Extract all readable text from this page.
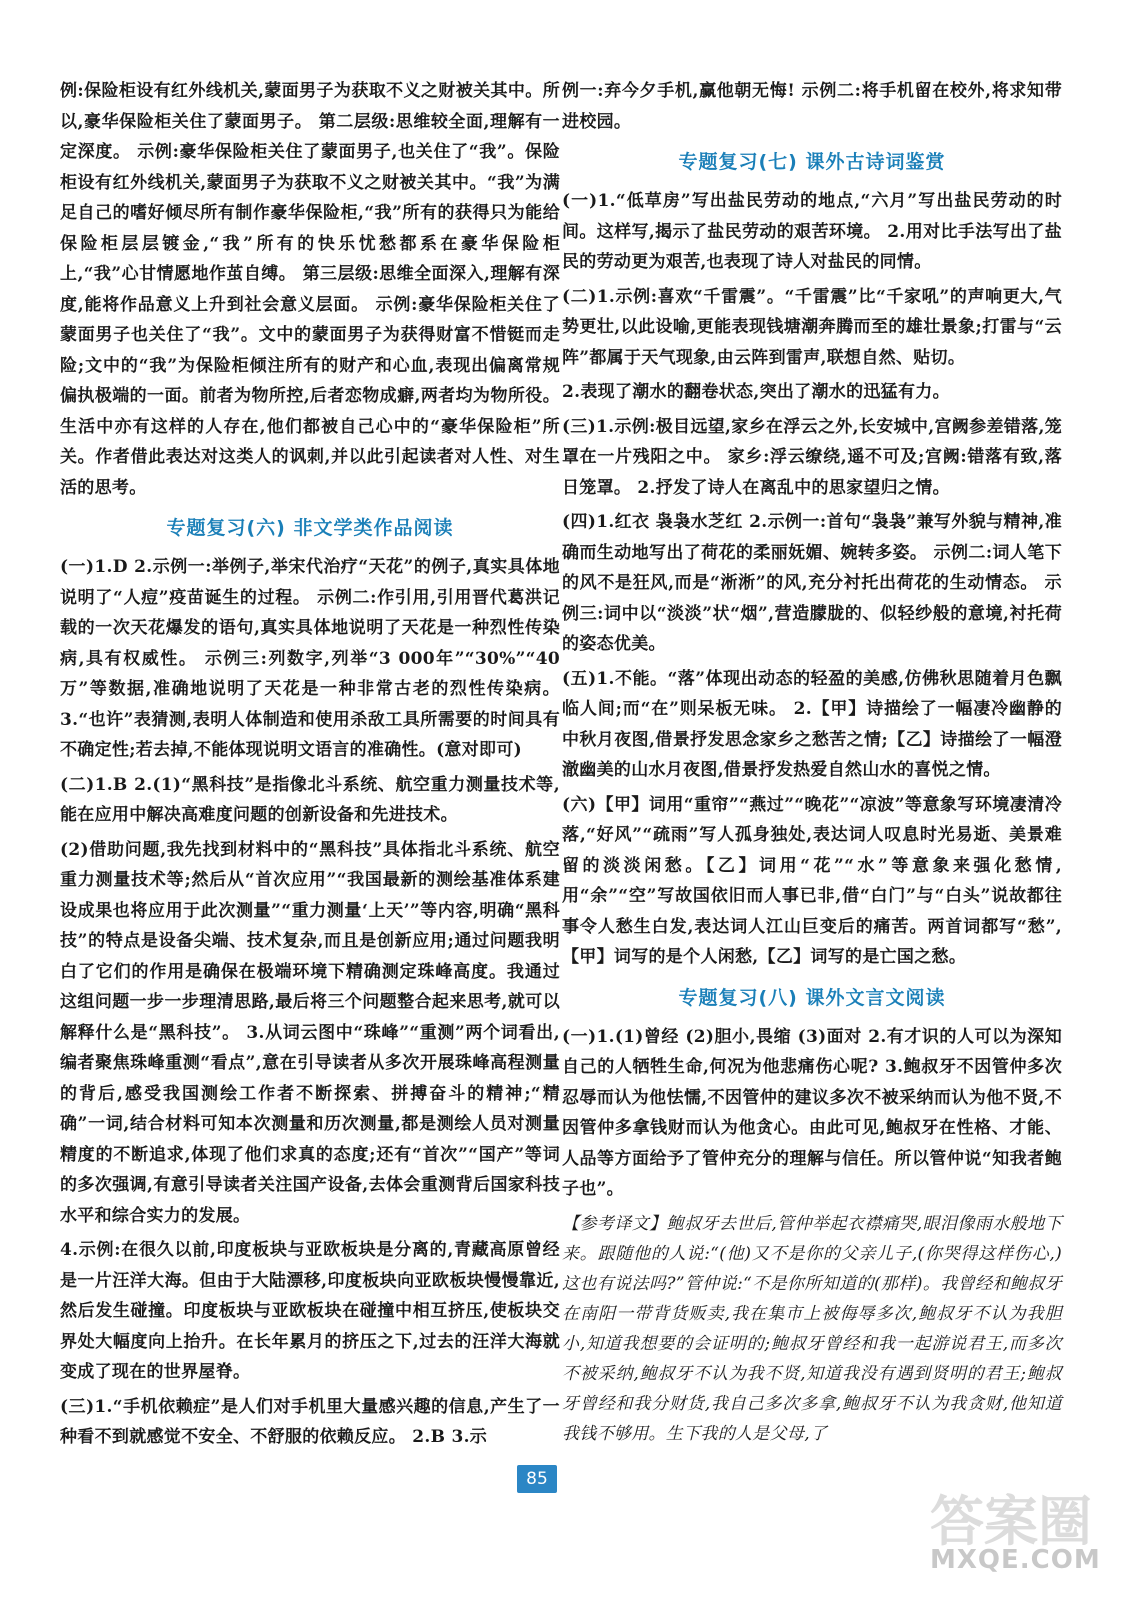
例:保险柜设有红外线机关,蒙面男子为获取不义之财被关其中。所以,豪华保险柜关住了蒙面男子。 第二层级:思维较全面,理解有一定深度。 示例:豪华保险柜关住了蒙面男子,也关住了“我”。保险柜设有红外线机关,蒙面男子为获取不义之财被关其中。“我”为满足自己的嗜好倾尽所有制作豪华保险柜,“我”所有的获得只为能给保险柜层层镀金,“我”所有的快乐忧愁都系在豪华保险柜上,“我”心甘情愿地作茧自缚。 第三层级:思维全面深入,理解有深度,能将作品意义上升到社会意义层面。 示例:豪华保险柜关住了蒙面男子也关住了“我”。文中的蒙面男子为获得财富不惜铤而走险;文中的“我”为保险柜倾注所有的财产和心血,表现出偏离常规偏执极端的一面。前者为物所控,后者恋物成癖,两者均为物所役。生活中亦有这样的人存在,他们都被自己心中的“豪华保险柜”所关。作者借此表达对这类人的讽刺,并以此引起读者对人性、对生活的思考。

专题复习(六) 非文学类作品阅读

(一)1.D 2.示例一:举例子,举宋代治疗“天花”的例子,真实具体地说明了“人痘”疫苗诞生的过程。 示例二:作引用,引用晋代葛洪记载的一次天花爆发的语句,真实具体地说明了天花是一种烈性传染病,具有权威性。 示例三:列数字,列举“3 000年”“30%”“40万”等数据,准确地说明了天花是一种非常古老的烈性传染病。 3.“也许”表猜测,表明人体制造和使用杀敌工具所需要的时间具有不确定性;若去掉,不能体现说明文语言的准确性。(意对即可)

(二)1.B 2.(1)“黑科技”是指像北斗系统、航空重力测量技术等,能在应用中解决高难度问题的创新设备和先进技术。

(2)借助问题,我先找到材料中的“黑科技”具体指北斗系统、航空重力测量技术等;然后从“首次应用”“我国最新的测绘基准体系建设成果也将应用于此次测量”“重力测量‘上天’”等内容,明确“黑科技”的特点是设备尖端、技术复杂,而且是创新应用;通过问题我明白了它们的作用是确保在极端环境下精确测定珠峰高度。我通过这组问题一步一步理清思路,最后将三个问题整合起来思考,就可以解释什么是“黑科技”。 3.从词云图中“珠峰”“重测”两个词看出,编者聚焦珠峰重测“看点”,意在引导读者从多次开展珠峰高程测量的背后,感受我国测绘工作者不断探索、拼搏奋斗的精神;“精确”一词,结合材料可知本次测量和历次测量,都是测绘人员对测量精度的不断追求,体现了他们求真的态度;还有“首次”“国产”等词的多次强调,有意引导读者关注国产设备,去体会重测背后国家科技水平和综合实力的发展。

4.示例:在很久以前,印度板块与亚欧板块是分离的,青藏高原曾经是一片汪洋大海。但由于大陆漂移,印度板块向亚欧板块慢慢靠近,然后发生碰撞。印度板块与亚欧板块在碰撞中相互挤压,使板块交界处大幅度向上抬升。在长年累月的挤压之下,过去的汪洋大海就变成了现在的世界屋脊。

(三)1.“手机依赖症”是人们对手机里大量感兴趣的信息,产生了一种看不到就感觉不安全、不舒服的依赖反应。 2.B 3.示

例一:弃今夕手机,赢他朝无悔! 示例二:将手机留在校外,将求知带进校园。

专题复习(七) 课外古诗词鉴赏

(一)1.“低草房”写出盐民劳动的地点,“六月”写出盐民劳动的时间。这样写,揭示了盐民劳动的艰苦环境。 2.用对比手法写出了盐民的劳动更为艰苦,也表现了诗人对盐民的同情。

(二)1.示例:喜欢“千雷震”。“千雷震”比“千家吼”的声响更大,气势更壮,以此设喻,更能表现钱塘潮奔腾而至的雄壮景象;打雷与“云阵”都属于天气现象,由云阵到雷声,联想自然、贴切。

2.表现了潮水的翻卷状态,突出了潮水的迅猛有力。

(三)1.示例:极目远望,家乡在浮云之外,长安城中,宫阙参差错落,笼罩在一片残阳之中。 家乡:浮云缭绕,遥不可及;宫阙:错落有致,落日笼罩。 2.抒发了诗人在离乱中的思家望归之情。

(四)1.红衣 袅袅水芝红 2.示例一:首句“袅袅”兼写外貌与精神,准确而生动地写出了荷花的柔丽妩媚、婉转多姿。 示例二:词人笔下的风不是狂风,而是“淅淅”的风,充分衬托出荷花的生动情态。 示例三:词中以“淡淡”状“烟”,营造朦胧的、似轻纱般的意境,衬托荷的姿态优美。

(五)1.不能。“落”体现出动态的轻盈的美感,仿佛秋思随着月色飘临人间;而“在”则呆板无味。 2.【甲】诗描绘了一幅凄冷幽静的中秋月夜图,借景抒发思念家乡之愁苦之情;【乙】诗描绘了一幅澄澈幽美的山水月夜图,借景抒发热爱自然山水的喜悦之情。

(六)【甲】词用“重帘”“燕过”“晚花”“凉波”等意象写环境凄清冷落,“好风”“疏雨”写人孤身独处,表达词人叹息时光易逝、美景难留的淡淡闲愁。【乙】词用“花”“水”等意象来强化愁情,用“余”“空”写故国依旧而人事已非,借“白门”与“白头”说故都往事令人愁生白发,表达词人江山巨变后的痛苦。两首词都写“愁”,【甲】词写的是个人闲愁,【乙】词写的是亡国之愁。

专题复习(八) 课外文言文阅读

(一)1.(1)曾经 (2)胆小,畏缩 (3)面对 2.有才识的人可以为深知自己的人牺牲生命,何况为他悲痛伤心呢? 3.鲍叔牙不因管仲多次忍辱而认为他怯懦,不因管仲的建议多次不被采纳而认为他不贤,不因管仲多拿钱财而认为他贪心。由此可见,鲍叔牙在性格、才能、人品等方面给予了管仲充分的理解与信任。所以管仲说“知我者鲍子也”。

【参考译文】鲍叔牙去世后,管仲举起衣襟痛哭,眼泪像雨水般地下来。跟随他的人说:“(他)又不是你的父亲儿子,(你哭得这样伤心,)这也有说法吗?”管仲说:“不是你所知道的(那样)。我曾经和鲍叔牙在南阳一带背货贩卖,我在集市上被侮辱多次,鲍叔牙不认为我胆小,知道我想要的会证明的;鲍叔牙曾经和我一起游说君王,而多次不被采纳,鲍叔牙不认为我不贤,知道我没有遇到贤明的君王;鲍叔牙曾经和我分财货,我自己多次多拿,鲍叔牙不认为我贪财,他知道我钱不够用。生下我的人是父母,了

85
答案圈
MXQE.COM
